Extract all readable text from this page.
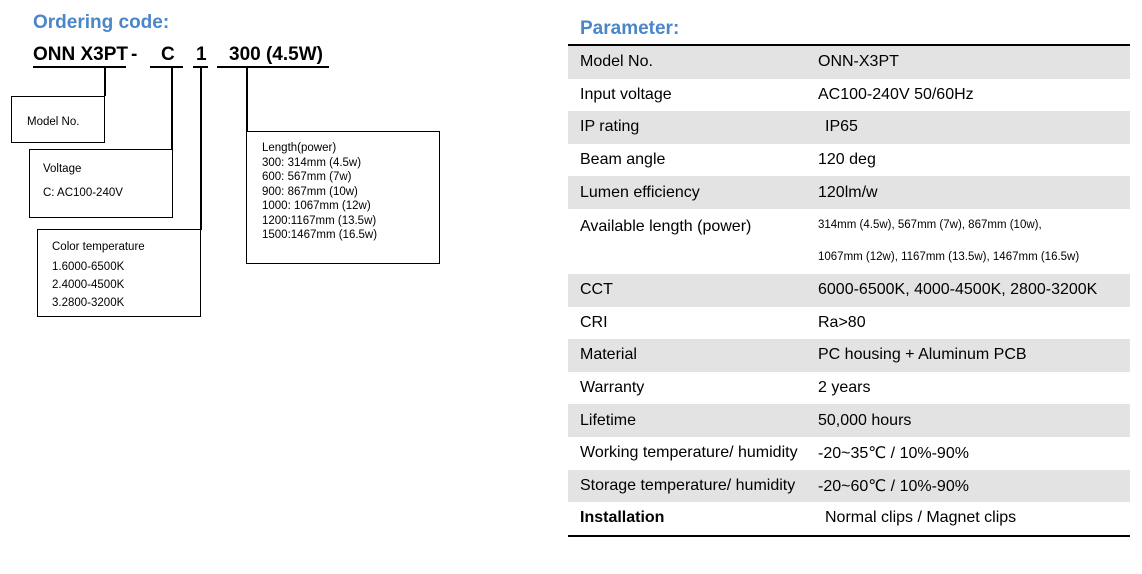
Ordering code:
ONN X3PT - C 1 300 (4.5W)
Model No.
Voltage
C: AC100-240V
Color temperature
1.6000-6500K
2.4000-4500K
3.2800-3200K
Length(power)
300: 314mm (4.5w)
600: 567mm (7w)
900: 867mm (10w)
1000: 1067mm (12w)
1200:1167mm (13.5w)
1500:1467mm (16.5w)
Parameter:
Model No.	ONN-X3PT
Input voltage	AC100-240V 50/60Hz
IP rating	IP65
Beam angle	120 deg
Lumen efficiency	120lm/w
Available length (power)	314mm (4.5w), 567mm (7w), 867mm (10w),
1067mm (12w), 1167mm (13.5w), 1467mm (16.5w)
CCT	6000-6500K, 4000-4500K, 2800-3200K
CRI	Ra>80
Material	PC housing + Aluminum PCB
Warranty	2 years
Lifetime	50,000 hours
Working temperature/ humidity	-20~35℃ / 10%-90%
Storage temperature/ humidity	-20~60℃ / 10%-90%
Installation	Normal clips / Magnet clips
